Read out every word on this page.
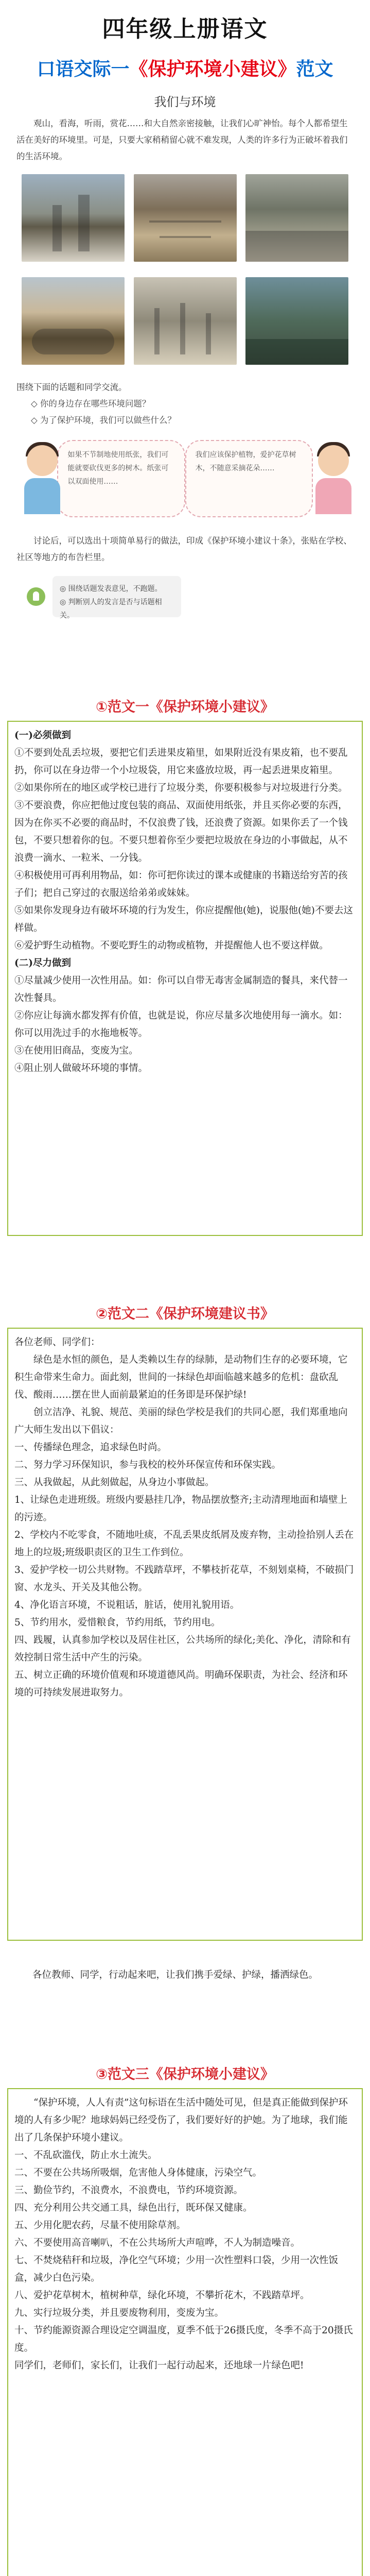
四年级上册语文
口语交际一《保护环境小建议》范文
我们与环境

观山，看海，听雨，赏花……和大自然亲密接触，让我们心旷神怡。每个人都希望生活在美好的环境里。可是，只要大家稍稍留心就不难发现，人类的许多行为正破坏着我们的生活环境。

围绕下面的话题和同学交流。

◇ 你的身边存在哪些环境问题？

◇ 为了保护环境，我们可以做些什么？

如果不节制地使用纸张，我们可能就要砍伐更多的树木。纸张可以双面使用……
我们应该保护植物，爱护花草树木，不随意采摘花朵……

讨论后，可以选出十项简单易行的做法，印成《保护环境小建议十条》，张贴在学校、社区等地方的布告栏里。

◎ 围绕话题发表意见，不跑题。

◎ 判断别人的发言是否与话题相关。

①范文一《保护环境小建议》

(一)必须做到

①不要到处乱丢垃圾，要把它们丢进果皮箱里，如果附近没有果皮箱，也不要乱扔，你可以在身边带一个小垃圾袋，用它来盛放垃圾，再一起丢进果皮箱里。

②如果你所在的地区或学校已进行了垃圾分类，你要积极参与对垃圾进行分类。

③不要浪费，你应把他过度包装的商品、双面使用纸张，并且买你必要的东西，因为在你买不必要的商品时，不仅浪费了钱，还浪费了资源。如果你丢了一个钱包，不要只想着你的包。不要只想着你至少要把垃圾放在身边的小事做起，从不浪费一滴水、一粒米、一分钱。

④积极使用可再利用物品，如：你可把你读过的课本或健康的书籍送给穷苦的孩子们；把自己穿过的衣服送给弟弟或妹妹。

⑤如果你发现身边有破坏环境的行为发生，你应提醒他(她)，说服他(她)不要去这样做。

⑥爱护野生动植物。不要吃野生的动物或植物，并提醒他人也不要这样做。

(二)尽力做到

①尽量减少使用一次性用品。如：你可以自带无毒害金属制造的餐具，来代替一次性餐具。

②你应让每滴水都发挥有价值，也就是说，你应尽量多次地使用每一滴水。如：你可以用洗过手的水拖地板等。

③在使用旧商品，变废为宝。

④阻止别人做破坏环境的事情。

②范文二《保护环境建议书》

各位老师、同学们：

绿色是水恒的颜色，是人类赖以生存的绿肺，是动物们生存的必要环境，它积生命带来生命力。面此刻，世间的一抹绿色却面临越来越多的危机：盘砍乱伐、酸雨……摆在世人面前最紧迫的任务即是环保护绿!

创立洁净、礼貌、规范、美丽的绿色学校是我们的共同心愿，我们郑重地向广大师生发出以下倡议：

一、传播绿色理念，追求绿色时尚。

二、努力学习环保知识，参与我校的校外环保宣传和环保实践。

三、从我做起，从此刻做起，从身边小事做起。

1、让绿色走进班级。班级内要悬挂几净，物品摆放整齐;主动清理地面和墙壁上的污迹。

2、学校内不吃零食，不随地吐痰，不乱丢果皮纸屑及废弃物，主动捡拾别人丢在地上的垃圾;班级职责区的卫生工作到位。

3、爱护学校一切公共财物。不践踏草坪，不攀枝折花草，不刻划桌椅，不破损门窗、水龙头、开关及其他公物。

4、净化语言环境，不说粗话，脏话，使用礼貌用语。

5、节约用水，爱惜粮食，节约用纸，节约用电。

四、践履，认真参加学校以及居住社区，公共场所的绿化;美化、净化，清除和有效控制日常生活中产生的污染。

五、树立正确的环境价值观和环境道德风尚。明确环保职责，为社会、经济和环境的可持续发展进取努力。

各位教师、同学，行动起来吧，让我们携手爱绿、护绿，播洒绿色。

③范文三《保护环境小建议》

“保护环境，人人有责”这句标语在生活中随处可见，但是真正能做到保护环境的人有多少呢？地球妈妈已经受伤了，我们要好好的护她。为了地球，我们能出了几条保护环境小建议。

一、不乱砍滥伐，防止水土流失。

二、不要在公共场所吸烟，危害他人身体健康，污染空气。

三、勤俭节约，不浪费水，不浪费电，节约环境资源。

四、充分利用公共交通工具，绿色出行，既环保又健康。

五、少用化肥农药，尽量不使用除草剂。

六、不要使用高音喇叭，不在公共场所大声喧哗，不人为制造噪音。

七、不焚烧秸秆和垃圾，净化空气环境；少用一次性塑料口袋，少用一次性饭盒，减少白色污染。

八、爱护花草树木，植树种草，绿化环境，不攀折花木，不践踏草坪。

九、实行垃圾分类，并且要废物利用，变废为宝。

十、节约能源资源合理设定空调温度，夏季不低于26摄氏度，冬季不高于20摄氏度。

同学们，老师们，家长们，让我们一起行动起来，还地球一片绿色吧!
